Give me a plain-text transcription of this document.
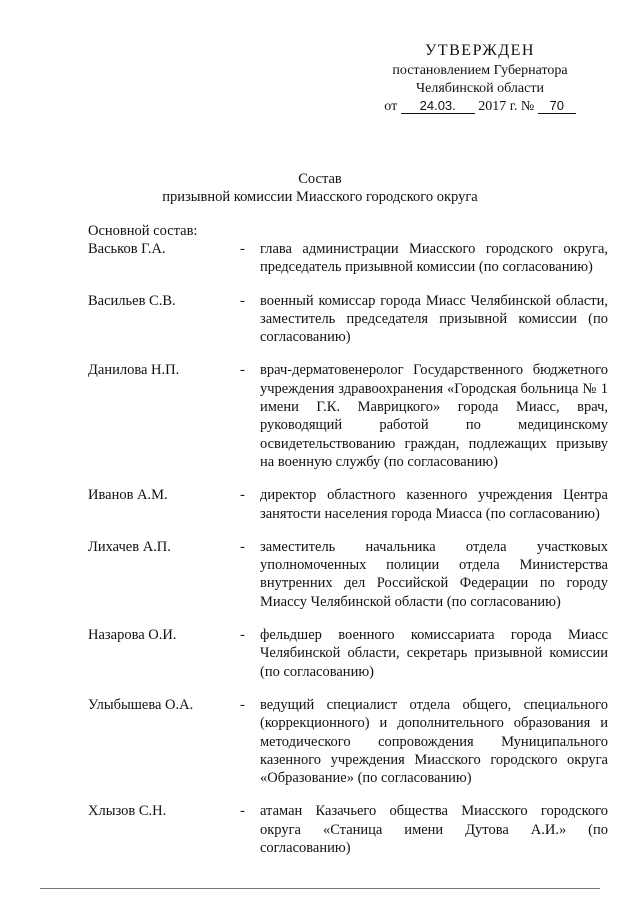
УТВЕРЖДЕН
постановлением Губернатора
Челябинской области
от 24.03. 2017 г. № 70
Состав
призывной комиссии Миасского городского округа
Основной состав:
Васьков Г.А.	-	глава администрации Миасского городского округа, председатель призывной комиссии (по согласованию)
Васильев С.В.	-	военный комиссар города Миасс Челябинской области, заместитель председателя призывной комиссии (по согласованию)
Данилова Н.П.	-	врач-дерматовенеролог Государственного бюджетного учреждения здравоохранения «Городская больница № 1 имени Г.К. Маврицкого» города Миасс, врач, руководящий работой по медицинскому освидетельствованию граждан, подлежащих призыву на военную службу (по согласованию)
Иванов А.М.	-	директор областного казенного учреждения Центра занятости населения города Миасса (по согласованию)
Лихачев А.П.	-	заместитель начальника отдела участковых уполномоченных полиции отдела Министерства внутренних дел Российской Федерации по городу Миассу Челябинской области (по согласованию)
Назарова О.И.	-	фельдшер военного комиссариата города Миасс Челябинской области, секретарь призывной комиссии (по согласованию)
Улыбышева О.А.	-	ведущий специалист отдела общего, специального (коррекционного) и дополнительного образования и методического сопровождения Муниципального казенного учреждения Миасского городского округа «Образование» (по согласованию)
Хлызов С.Н.	-	атаман Казачьего общества Миасского городского округа «Станица имени Дутова А.И.» (по согласованию)
